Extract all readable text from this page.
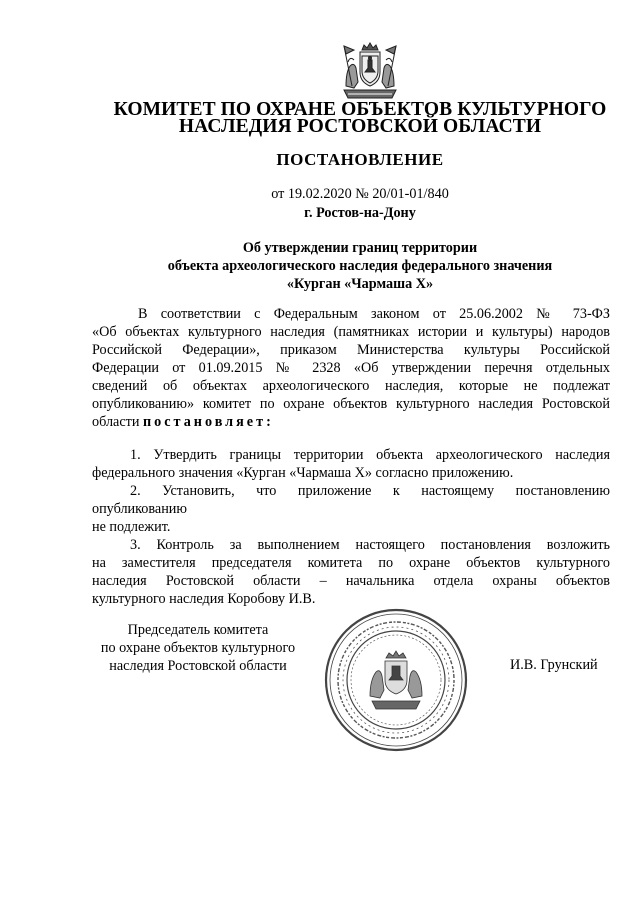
КОМИТЕТ ПО ОХРАНЕ ОБЪЕКТОВ КУЛЬТУРНОГО
НАСЛЕДИЯ РОСТОВСКОЙ ОБЛАСТИ
ПОСТАНОВЛЕНИЕ
от 19.02.2020 № 20/01-01/840
г. Ростов-на-Дону
Об утверждении границ территории
объекта археологического наследия федерального значения
«Курган «Чармаша Х»
В соответствии с Федеральным законом от 25.06.2002 № 73-ФЗ
«Об объектах культурного наследия (памятниках истории и культуры) народов
Российской Федерации», приказом Министерства культуры Российской
Федерации от 01.09.2015 № 2328 «Об утверждении перечня отдельных
сведений об объектах археологического наследия, которые не подлежат
опубликованию» комитет по охране объектов культурного наследия Ростовской
области постановляет:
1. Утвердить границы территории объекта археологического наследия
федерального значения «Курган «Чармаша Х» согласно приложению.
2. Установить, что приложение к настоящему постановлению
опубликованию
не подлежит.
3. Контроль за выполнением настоящего постановления возложить
на заместителя председателя комитета по охране объектов культурного
наследия Ростовской области – начальника отдела охраны объектов
культурного наследия Коробову И.В.
Председатель комитета
по охране объектов культурного
наследия Ростовской области	И.В. Грунский
